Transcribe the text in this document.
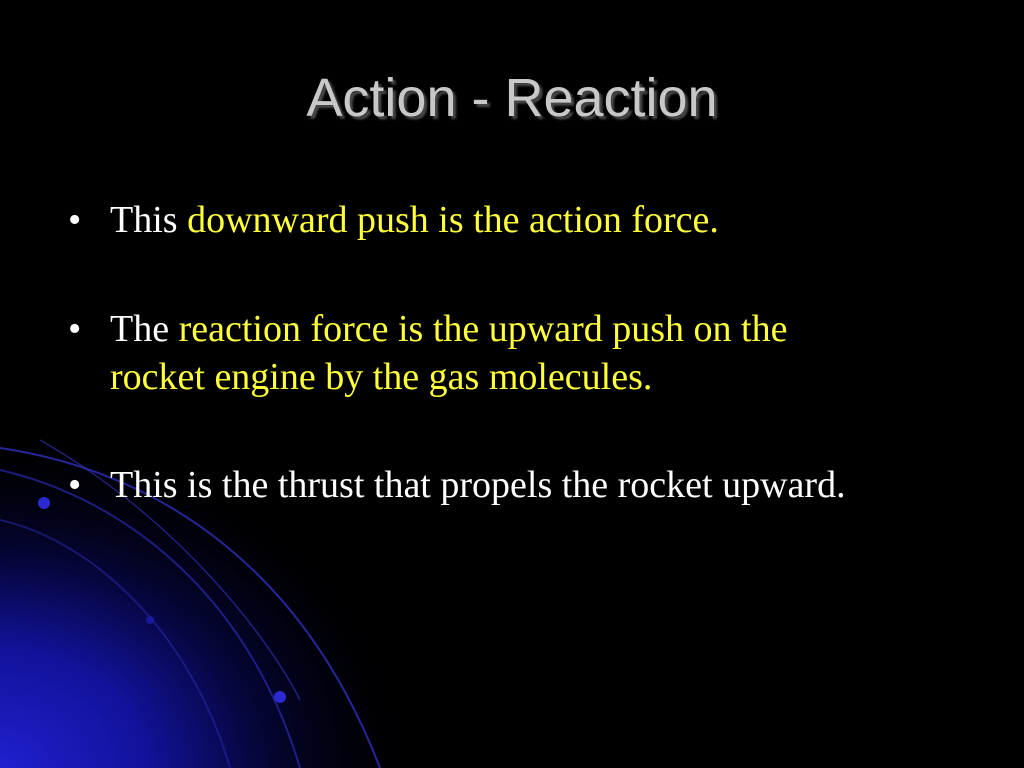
Action - Reaction
• This downward push is the action force.
• The reaction force is the upward push on the rocket engine by the gas molecules.
• This is the thrust that propels the rocket upward.
